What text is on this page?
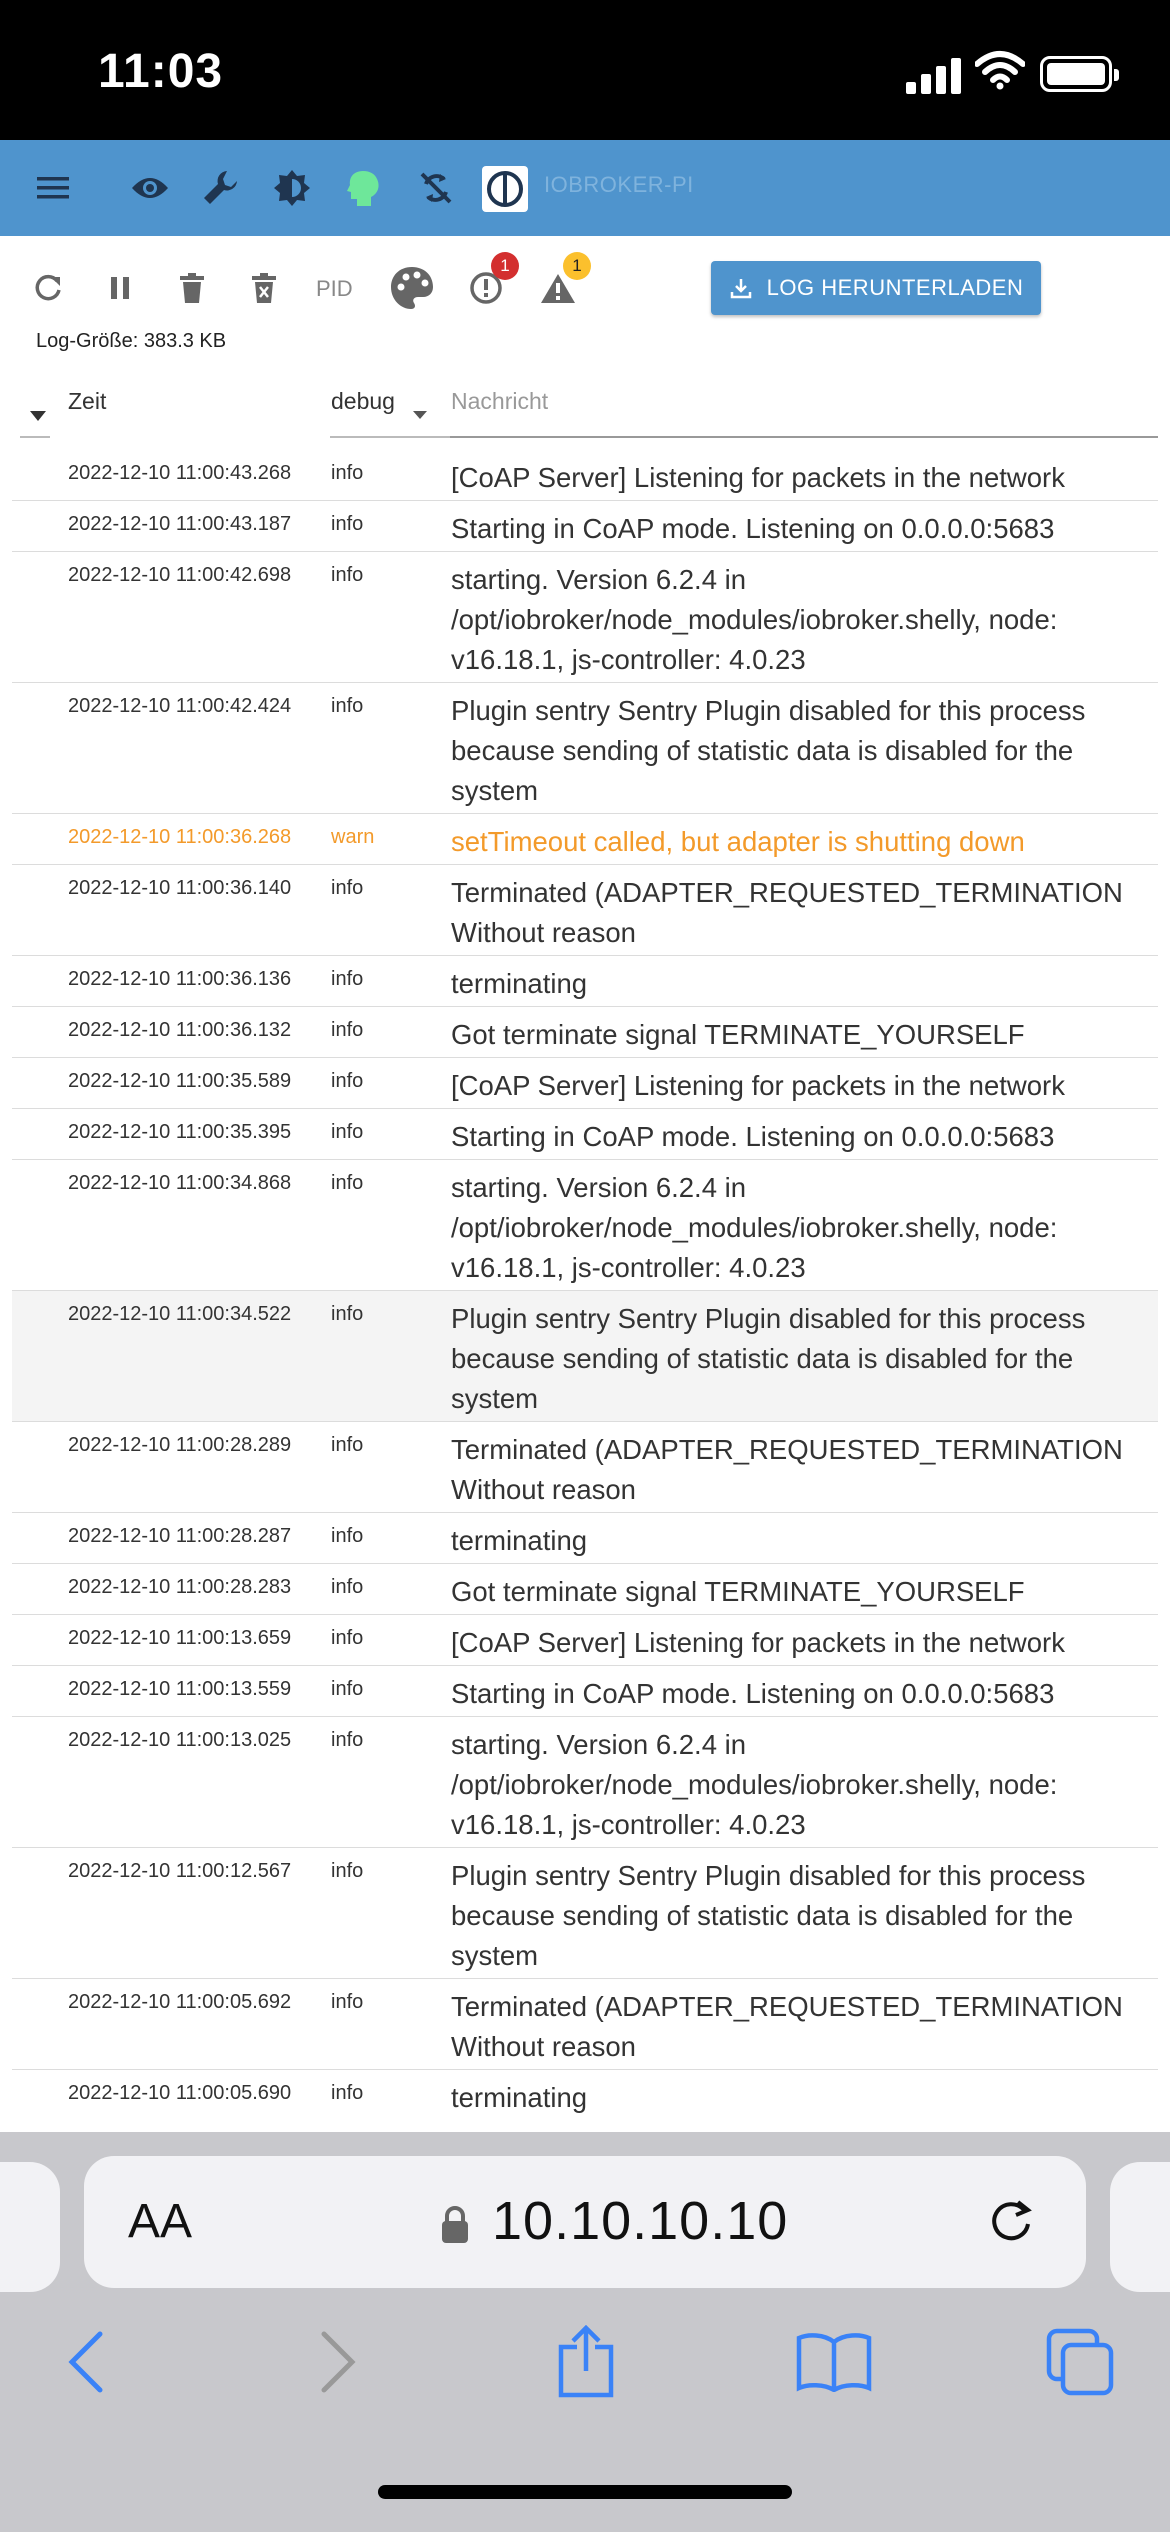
11:03
IOBROKER-PI
PID
1	1
LOG HERUNTERLADEN
Log-Größe: 383.3 KB
Zeit	debug Nachricht
2022-12-10 11:00:43.268 info	[CoAP Server] Listening for packets in the network
2022-12-10 11:00:43.187 info	Starting in CoAP mode. Listening on 0.0.0.0:5683
2022-12-10 11:00:42.698 info	starting. Version 6.2.4 in
/opt/iobroker/node_modules/iobroker.shelly, node:
v16.18.1, js-controller: 4.0.23
2022-12-10 11:00:42.424 info	Plugin sentry Sentry Plugin disabled for this process
because sending of statistic data is disabled for the
system
2022-12-10 11:00:36.268 warn	setTimeout called, but adapter is shutting down
2022-12-10 11:00:36.140 info	Terminated (ADAPTER_REQUESTED_TERMINATION
Without reason
2022-12-10 11:00:36.136 info	terminating
2022-12-10 11:00:36.132 info	Got terminate signal TERMINATE_YOURSELF
2022-12-10 11:00:35.589 info	[CoAP Server] Listening for packets in the network
2022-12-10 11:00:35.395 info	Starting in CoAP mode. Listening on 0.0.0.0:5683
2022-12-10 11:00:34.868 info	starting. Version 6.2.4 in
/opt/iobroker/node_modules/iobroker.shelly, node:
v16.18.1, js-controller: 4.0.23
2022-12-10 11:00:34.522 info	Plugin sentry Sentry Plugin disabled for this process
because sending of statistic data is disabled for the
system
2022-12-10 11:00:28.289 info	Terminated (ADAPTER_REQUESTED_TERMINATION
Without reason
2022-12-10 11:00:28.287 info	terminating
2022-12-10 11:00:28.283 info	Got terminate signal TERMINATE_YOURSELF
2022-12-10 11:00:13.659 info	[CoAP Server] Listening for packets in the network
2022-12-10 11:00:13.559 info	Starting in CoAP mode. Listening on 0.0.0.0:5683
2022-12-10 11:00:13.025 info	starting. Version 6.2.4 in
/opt/iobroker/node_modules/iobroker.shelly, node:
v16.18.1, js-controller: 4.0.23
2022-12-10 11:00:12.567 info	Plugin sentry Sentry Plugin disabled for this process
because sending of statistic data is disabled for the
system
2022-12-10 11:00:05.692 info	Terminated (ADAPTER_REQUESTED_TERMINATION
Without reason
2022-12-10 11:00:05.690 info	terminating
AA	10.10.10.10
